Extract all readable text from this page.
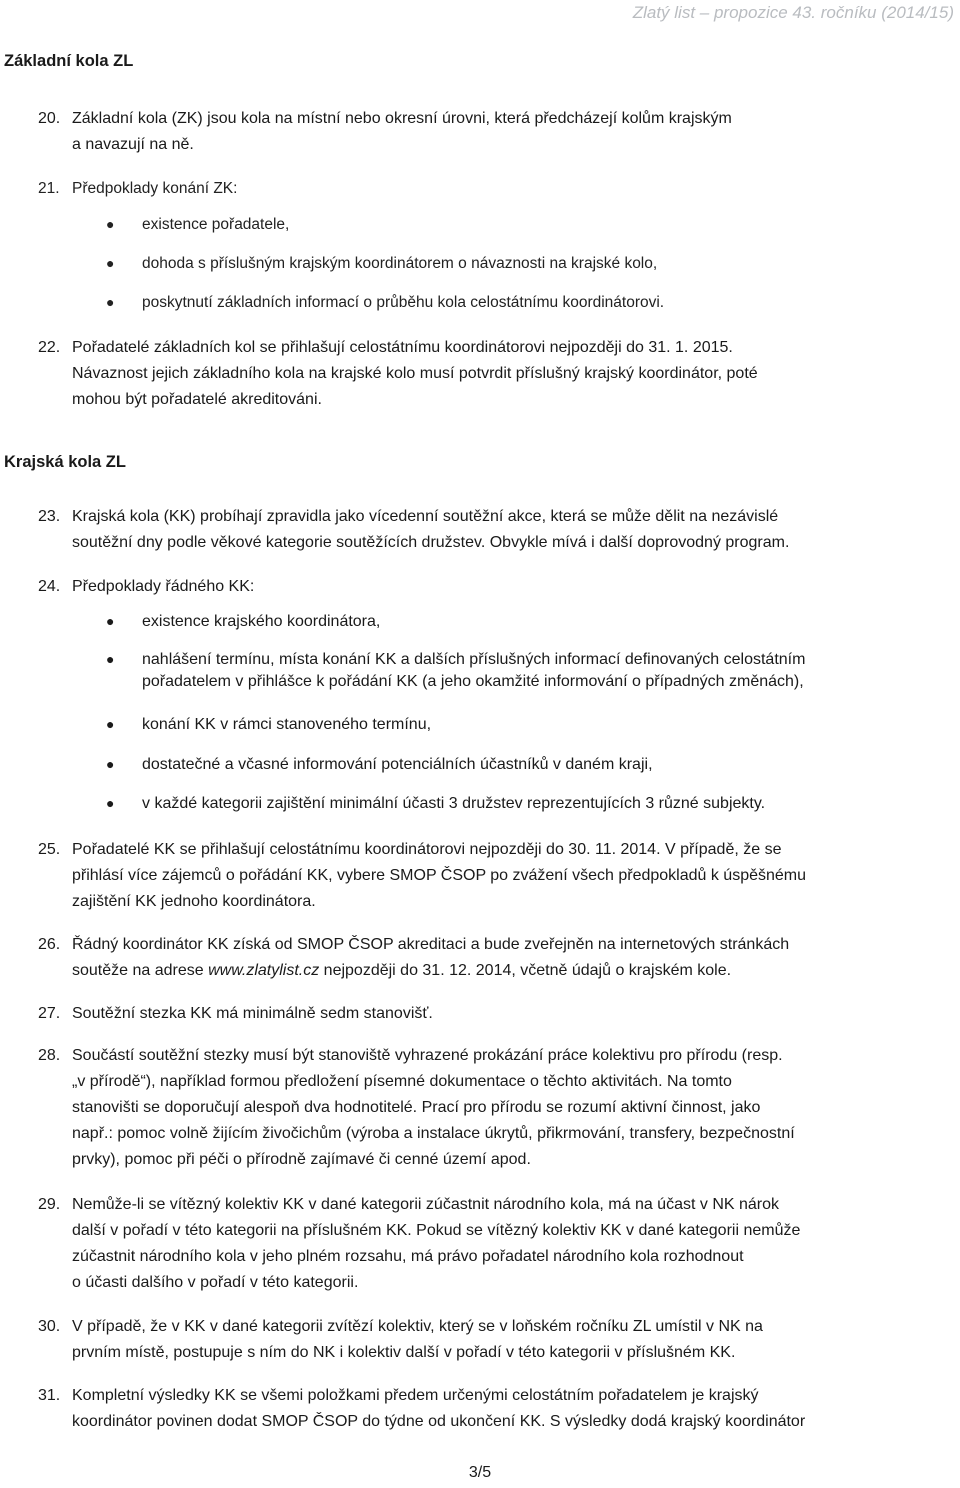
Zlatý list – propozice 43. ročníku (2014/15)
Základní kola ZL
20. Základní kola (ZK) jsou kola na místní nebo okresní úrovni, která předcházejí kolům krajským
a navazují na ně.
21. Předpoklady konání ZK:
● existence pořadatele,
● dohoda s příslušným krajským koordinátorem o návaznosti na krajské kolo,
● poskytnutí základních informací o průběhu kola celostátnímu koordinátorovi.
22. Pořadatelé základních kol se přihlašují celostátnímu koordinátorovi nejpozději do 31. 1. 2015.
Návaznost jejich základního kola na krajské kolo musí potvrdit příslušný krajský koordinátor, poté
mohou být pořadatelé akreditováni.
Krajská kola ZL
23. Krajská kola (KK) probíhají zpravidla jako vícedenní soutěžní akce, která se může dělit na nezávislé
soutěžní dny podle věkové kategorie soutěžících družstev. Obvykle mívá i další doprovodný program.
24. Předpoklady řádného KK:
● existence krajského koordinátora,
● nahlášení termínu, místa konání KK a dalších příslušných informací definovaných celostátním
pořadatelem v přihlášce k pořádání KK (a jeho okamžité informování o případných změnách),
● konání KK v rámci stanoveného termínu,
● dostatečné a včasné informování potenciálních účastníků v daném kraji,
● v každé kategorii zajištění minimální účasti 3 družstev reprezentujících 3 různé subjekty.
25. Pořadatelé KK se přihlašují celostátnímu koordinátorovi nejpozději do 30. 11. 2014. V případě, že se
přihlásí více zájemců o pořádání KK, vybere SMOP ČSOP po zvážení všech předpokladů k úspěšnému
zajištění KK jednoho koordinátora.
26. Řádný koordinátor KK získá od SMOP ČSOP akreditaci a bude zveřejněn na internetových stránkách
soutěže na adrese www.zlatylist.cz nejpozději do 31. 12. 2014, včetně údajů o krajském kole.
27. Soutěžní stezka KK má minimálně sedm stanovišť.
28. Součástí soutěžní stezky musí být stanoviště vyhrazené prokázání práce kolektivu pro přírodu (resp.
„v přírodě“), například formou předložení písemné dokumentace o těchto aktivitách. Na tomto
stanovišti se doporučují alespoň dva hodnotitelé. Prací pro přírodu se rozumí aktivní činnost, jako
např.: pomoc volně žijícím živočichům (výroba a instalace úkrytů, přikrmování, transfery, bezpečnostní
prvky), pomoc při péči o přírodně zajímavé či cenné území apod.
29. Nemůže-li se vítězný kolektiv KK v dané kategorii zúčastnit národního kola, má na účast v NK nárok
další v pořadí v této kategorii na příslušném KK. Pokud se vítězný kolektiv KK v dané kategorii nemůže
zúčastnit národního kola v jeho plném rozsahu, má právo pořadatel národního kola rozhodnout
o účasti dalšího v pořadí v této kategorii.
30. V případě, že v KK v dané kategorii zvítězí kolektiv, který se v loňském ročníku ZL umístil v NK na
prvním místě, postupuje s ním do NK i kolektiv další v pořadí v této kategorii v příslušném KK.
31. Kompletní výsledky KK se všemi položkami předem určenými celostátním pořadatelem je krajský
koordinátor povinen dodat SMOP ČSOP do týdne od ukončení KK. S výsledky dodá krajský koordinátor
3/5
